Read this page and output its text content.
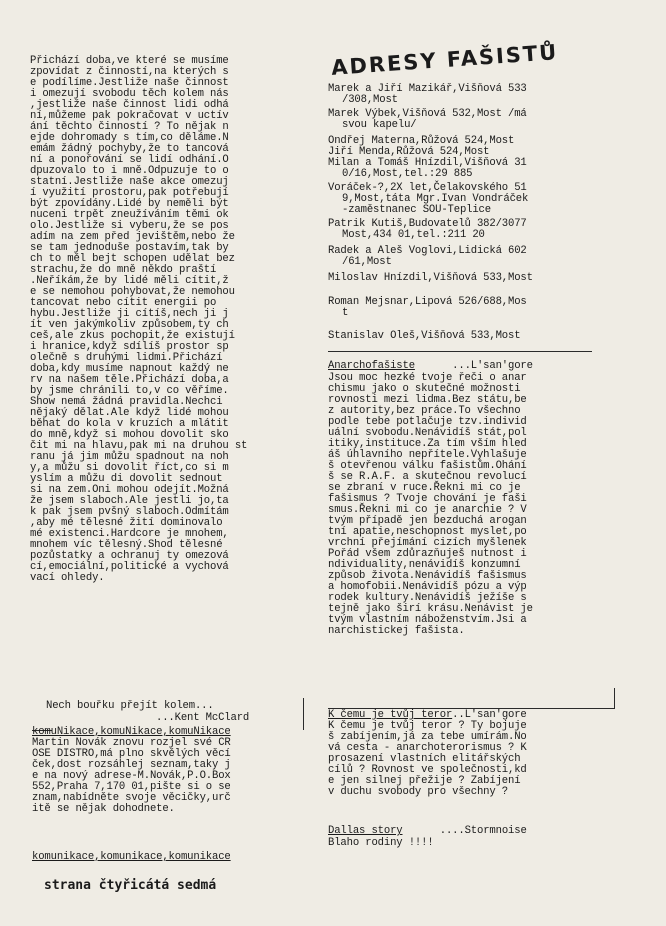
Přichází doba,ve které se musíme
zpovídat z činností,na kterých s
e podílíme.Jestliže naše činnost
i omezují svobodu těch kolem nás
,jestliže naše činnost lidi odhá
ní,můžeme pak pokračovat v uctív
ání těchto činností ? To nějak n
ejde dohromady s tím,co děláme.N
emám žádný pochyby,že to tancová
ní a ponořování se lidí odhání.O
dpuzovalo to i mně.Odpuzuje to o
statní.Jestliže naše akce omezuj
í využití prostoru,pak potřebují
být zpovídány.Lidé by neměli být
nuceni trpět zneužíváním těmi ok
olo.Jestliže si vyberu,že se pos
adím na zem před jevištěm,nebo že
se tam jednoduše postavím,tak by
ch to měl bejt schopen udělat bez
strachu,že do mně někdo praští
.Neříkám,že by lidé měli cítit,ž
e se nemohou pohybovat,že nemohou
tancovat nebo cítit energii po
hybu.Jestliže ji cítíš,nech ji j
ít ven jakýmkoliv způsobem,ty ch
ceš,ale zkus pochopit,že existují
i hranice,když sdílíš prostor sp
olečně s druhými lidmi.Přichází
doba,kdy musíme napnout každý ne
rv na našem těle.Přichází doba,a
by jsme chránili to,v co věříme.
Show nemá žádná pravidla.Nechci
nějaký dělat.Ale když lidé mohou
běhat do kola v kruzích a mlátit
do mně,když si mohou dovolit sko
čit mi na hlavu,pak mi na druhou st
ranu já jim můžu spadnout na noh
y,a můžu si dovolit říct,co si m
yslím a můžu di dovolit sednout
si na zem.Oni mohou odejít.Možná
že jsem slaboch.Ale jestli jo,ta
k pak jsem pvšný slaboch.Odmítám
,aby mé tělesné žití dominovalo
mé existenci.Hardcore je mnohem,
mnohem víc tělesný.Shod tělesné
pozůstatky a ochranuj ty omezová
cí,emociální,politické a vychová
vací ohledy.
Nech bouřku přejít kolem...
...Kent McClard
komuNikace,komuNikace,komuNikace
Martin Novák znovu rozjel své CR
OSE DISTRO,má plno skvělých věcí
ček,dost rozsáhlej seznam,taky j
e na nový adrese-M.Novák,P.O.Box
552,Praha 7,170 01,pište si o se
znam,nabídněte svoje věcičky,urč
itě se nějak dohodnete.
komunikace,komunikace,komunikace
strana čtyřicátá sedmá
ADRESY FAŠISTŮ
Marek a Jiří Mazikář,Višňová 533
/308,Most
Marek Výbek,Višňová 532,Most /má
svou kapelu/
Ondřej Materna,Růžová 524,Most
Jiří Menda,Růžová 524,Most
Milan a Tomáš Hnízdil,Višňová 31
0/16,Most,tel.:29 885
Voráček-?,2X let,Čelakovského 51
9,Most,táta Mgr.Ivan Vondráček
-zaměstnanec SOU-Teplice
Patrik Kutiš,Budovatelů 382/3077
Most,434 01,tel.:211 20
Radek a Aleš Voglovi,Lidická 602
/61,Most
Miloslav Hnízdil,Višňová 533,Most
Roman Mejsnar,Lipová 526/688,Mos
t
Stanislav Oleš,Višňová 533,Most
Anarchofašiste      ...L'san'gore
Jsou moc hezké tvoje řeči o anar
chismu jako o skutečné možnosti
rovnosti mezi lidma.Bez státu,be
z autority,bez práce.To všechno
podle tebe potlačuje tzv.individ
uální svobodu.Nenávidíš stát,pol
itiky,instituce.Za tím vším hled
áš úhlavního nepřítele.Vyhlašuje
š otevřenou válku fašistům.Ohání
š se R.A.F. a skutečnou revolucí
se zbraní v ruce.Řekni mi co je
fašismus ? Tvoje chování je faši
smus.Řekni mi co je anarchie ? V
tvým případě jen bezduchá arogan
tní apatie,neschopnost myslet,po
vrchní přejímání cizích myšlenek
Pořád všem zdůrazňuješ nutnost i
ndividuality,nenávidíš konzumní
způsob života.Nenávidíš fašismus
a homofobii.Nenávidíš pózu a výp
rodek kultury.Nenávidíš ježíše s
tejně jako širí krásu.Nenávist je
tvým vlastním náboženstvím.Jsi a
narchistickej fašista.
K čemu je tvůj teror..L'san'gore
K čemu je tvůj teror ? Ty bojuje
š zabíjením,já za tebe umírám.No
vá cesta - anarchoterorismus ? K
prosazení vlastních elitářských
cílů ? Rovnost ve společnosti,kd
e jen silnej přežije ? Zabíjení
v duchu svobody pro všechny ?
Dallas story      ....Stormnoise
Blaho rodiny !!!!
